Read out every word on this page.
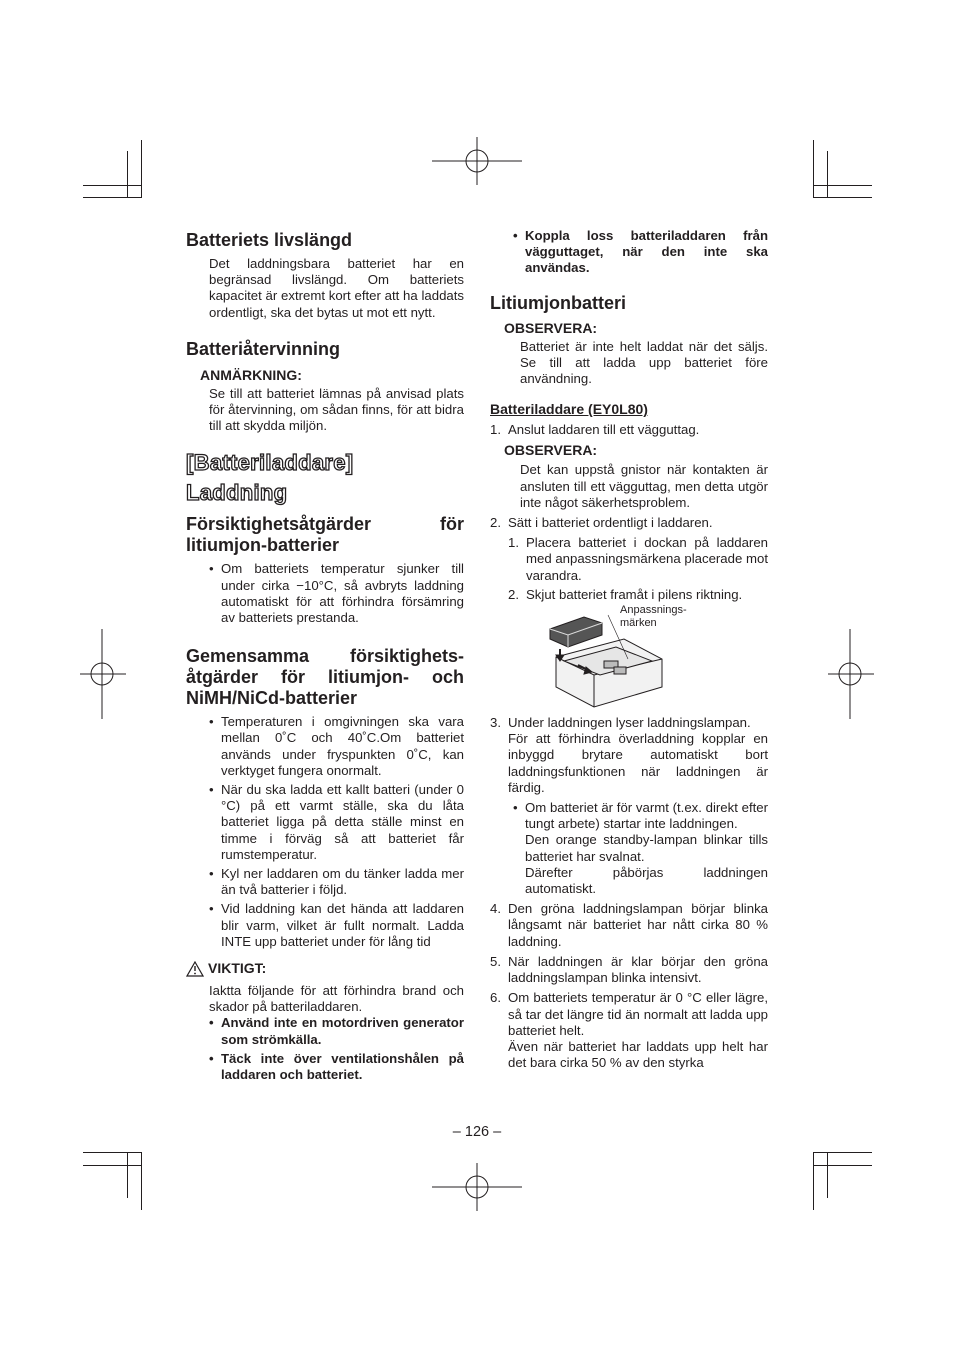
Batteriets livslängd

Det laddningsbara batteriet har en begränsad livslängd. Om batteriets kapacitet är extremt kort efter att ha laddats ordentligt, ska det bytas ut mot ett nytt.

Batteriåtervinning
ANMÄRKNING:

Se till att batteriet lämnas på anvisad plats för återvinning, om sådan finns, för att bidra till att skydda miljön.

[Batteriladdare]
Laddning
Försiktighetsåtgärder för litiumjon-batterier
• Om batteriets temperatur sjunker till under cirka −10°C, så avbryts laddning automatiskt för att förhindra försämring av batteriets prestanda.
Gemensamma försiktighets-
åtgärder för litiumjon- och
NiMH/NiCd-batterier
• Temperaturen i omgivningen ska vara mellan 0˚C och 40˚C.Om batteriet används under fryspunkten 0˚C, kan verktyget fungera onormalt.
• När du ska ladda ett kallt batteri (under 0 °C) på ett varmt ställe, ska du låta batteriet ligga på detta ställe minst en timme i förväg så att batteriet får rumstemperatur.
• Kyl ner laddaren om du tänker ladda mer än två batterier i följd.
• Vid laddning kan det hända att laddaren blir varm, vilket är fullt normalt. Ladda INTE upp batteriet under för lång tid
VIKTIGT:

Iaktta följande för att förhindra brand och skador på batteriladdaren.

• Använd inte en motordriven generator som strömkälla.
• Täck inte över ventilationshålen på laddaren och batteriet.
• Koppla loss batteriladdaren från vägguttaget, när den inte ska användas.
Litiumjonbatteri
OBSERVERA:

Batteriet är inte helt laddat när det säljs. Se till att ladda upp batteriet före användning.

Batteriladdare (EY0L80)
1. Anslut laddaren till ett vägguttag.
OBSERVERA:

Det kan uppstå gnistor när kontakten är ansluten till ett vägguttag, men detta utgör inte något säkerhetsproblem.

2. Sätt i batteriet ordentligt i laddaren.
1. Placera batteriet i dockan på laddaren med anpassningsmärkena placerade mot varandra.
2. Skjut batteriet framåt i pilens riktning.
Anpassnings-
märken
3. Under laddningen lyser laddningslampan.

För att förhindra överladdning kopplar en inbyggd brytare automatiskt bort laddningsfunktionen när laddningen är färdig.

• Om batteriet är för varmt (t.ex. direkt efter tungt arbete) startar inte laddningen.

Den orange standby-lampan blinkar tills batteriet har svalnat.

Därefter påbörjas laddningen automatiskt.

4. Den gröna laddningslampan börjar blinka långsamt när batteriet har nått cirka 80 % laddning.
5. När laddningen är klar börjar den gröna laddningslampan blinka intensivt.
6. Om batteriets temperatur är 0 °C eller lägre, så tar det längre tid än normalt att ladda upp batteriet helt.

Även när batteriet har laddats upp helt har det bara cirka 50 % av den styrka

– 126 –
